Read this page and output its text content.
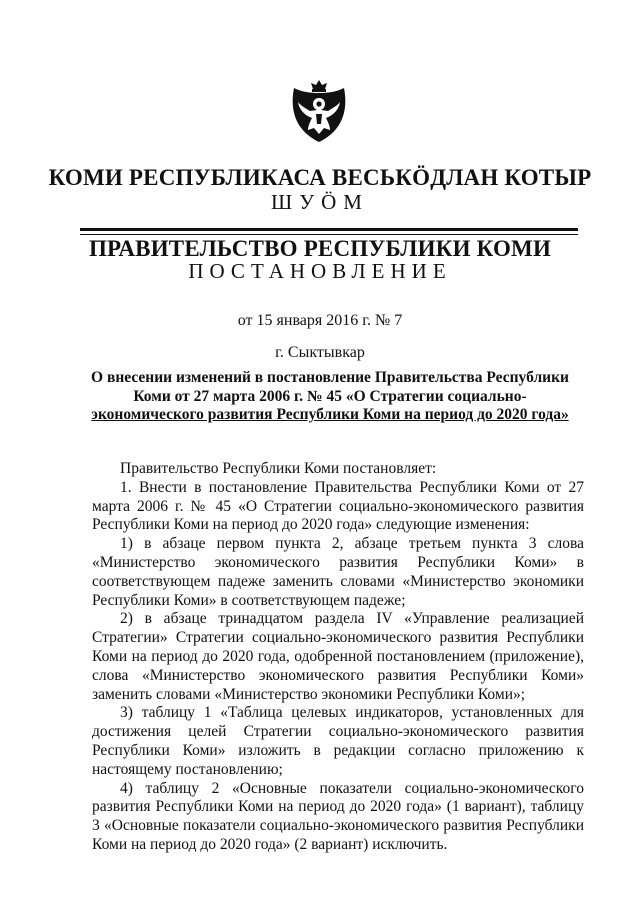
КОМИ РЕСПУБЛИКАСА ВЕСЬКӦДЛАН КОТЫР
ШУӦМ
ПРАВИТЕЛЬСТВО РЕСПУБЛИКИ КОМИ
ПОСТАНОВЛЕНИЕ
от 15 января 2016 г. № 7
г. Сыктывкар
О внесении изменений в постановление Правительства Республики
Коми от 27 марта 2006 г. № 45 «О Стратегии социально-
экономического развития Республики Коми на период до 2020 года»

Правительство Республики Коми постановляет:

1. Внести в постановление Правительства Республики Коми от 27 марта 2006 г. № 45 «О Стратегии социально-экономического развития Республики Коми на период до 2020 года» следующие изменения:

1) в абзаце первом пункта 2, абзаце третьем пункта 3 слова «Министерство экономического развития Республики Коми» в соответствующем падеже заменить словами «Министерство экономики Республики Коми» в соответствующем падеже;

2) в абзаце тринадцатом раздела IV «Управление реализацией Стратегии» Стратегии социально-экономического развития Республики Коми на период до 2020 года, одобренной постановлением (приложение), слова «Министерство экономического развития Республики Коми» заменить словами «Министерство экономики Республики Коми»;

3) таблицу 1 «Таблица целевых индикаторов, установленных для достижения целей Стратегии социально-экономического развития Республики Коми» изложить в редакции согласно приложению к настоящему постановлению;

4) таблицу 2 «Основные показатели социально-экономического развития Республики Коми на период до 2020 года» (1 вариант), таблицу 3 «Основные показатели социально-экономического развития Республики Коми на период до 2020 года» (2 вариант) исключить.
